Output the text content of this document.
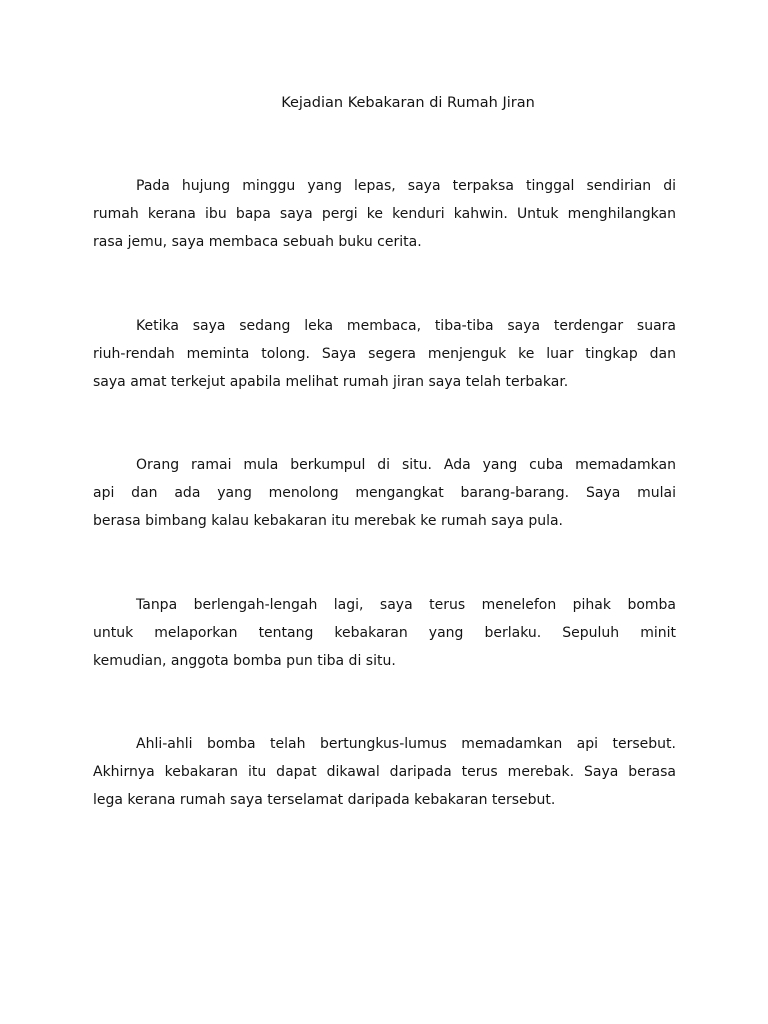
Kejadian Kebakaran di Rumah Jiran
Pada hujung minggu yang lepas, saya terpaksa tinggal sendirian di
rumah kerana ibu bapa saya pergi ke kenduri kahwin. Untuk menghilangkan
rasa jemu, saya membaca sebuah buku cerita.
Ketika saya sedang leka membaca, tiba-tiba saya terdengar suara
riuh-rendah meminta tolong. Saya segera menjenguk ke luar tingkap dan
saya amat terkejut apabila melihat rumah jiran saya telah terbakar.
Orang ramai mula berkumpul di situ. Ada yang cuba memadamkan
api dan ada yang menolong mengangkat barang-barang. Saya mulai
berasa bimbang kalau kebakaran itu merebak ke rumah saya pula.
Tanpa berlengah-lengah lagi, saya terus menelefon pihak bomba
untuk melaporkan tentang kebakaran yang berlaku. Sepuluh minit
kemudian, anggota bomba pun tiba di situ.
Ahli-ahli bomba telah bertungkus-lumus memadamkan api tersebut.
Akhirnya kebakaran itu dapat dikawal daripada terus merebak. Saya berasa
lega kerana rumah saya terselamat daripada kebakaran tersebut.
